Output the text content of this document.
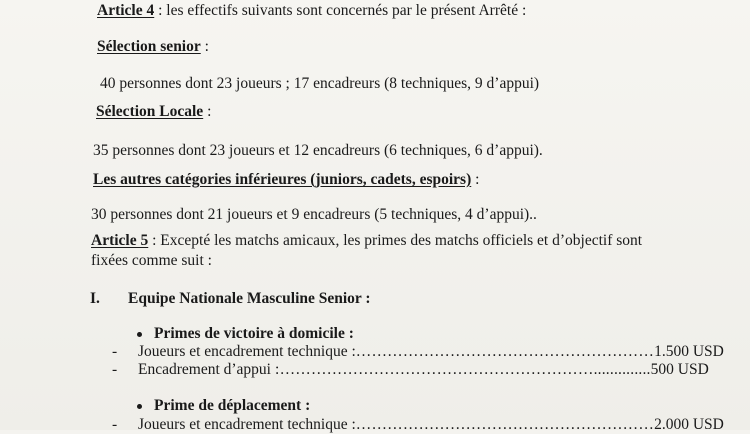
Article 4 : les effectifs suivants sont concernés par le présent Arrêté :
Sélection senior :
40 personnes dont 23 joueurs ; 17 encadreurs (8 techniques, 9 d’appui)
Sélection Locale :
35 personnes dont 23 joueurs et 12 encadreurs (6 techniques, 6 d’appui).
Les autres catégories inférieures (juniors, cadets, espoirs) :
30 personnes dont 21 joueurs et 9 encadreurs (5 techniques, 4 d’appui)..
Article 5 : Excepté les matchs amicaux, les primes des matchs officiels et d’objectif sont
fixées comme suit :
I. Equipe Nationale Masculine Senior :
Primes de victoire à domicile :
- Joueurs et encadrement technique :…………………………………………………1.500 USD
- Encadrement d’appui :……………………………………………………..............500 USD
Prime de déplacement :
- Joueurs et encadrement technique :…………………………………………………2.000 USD
